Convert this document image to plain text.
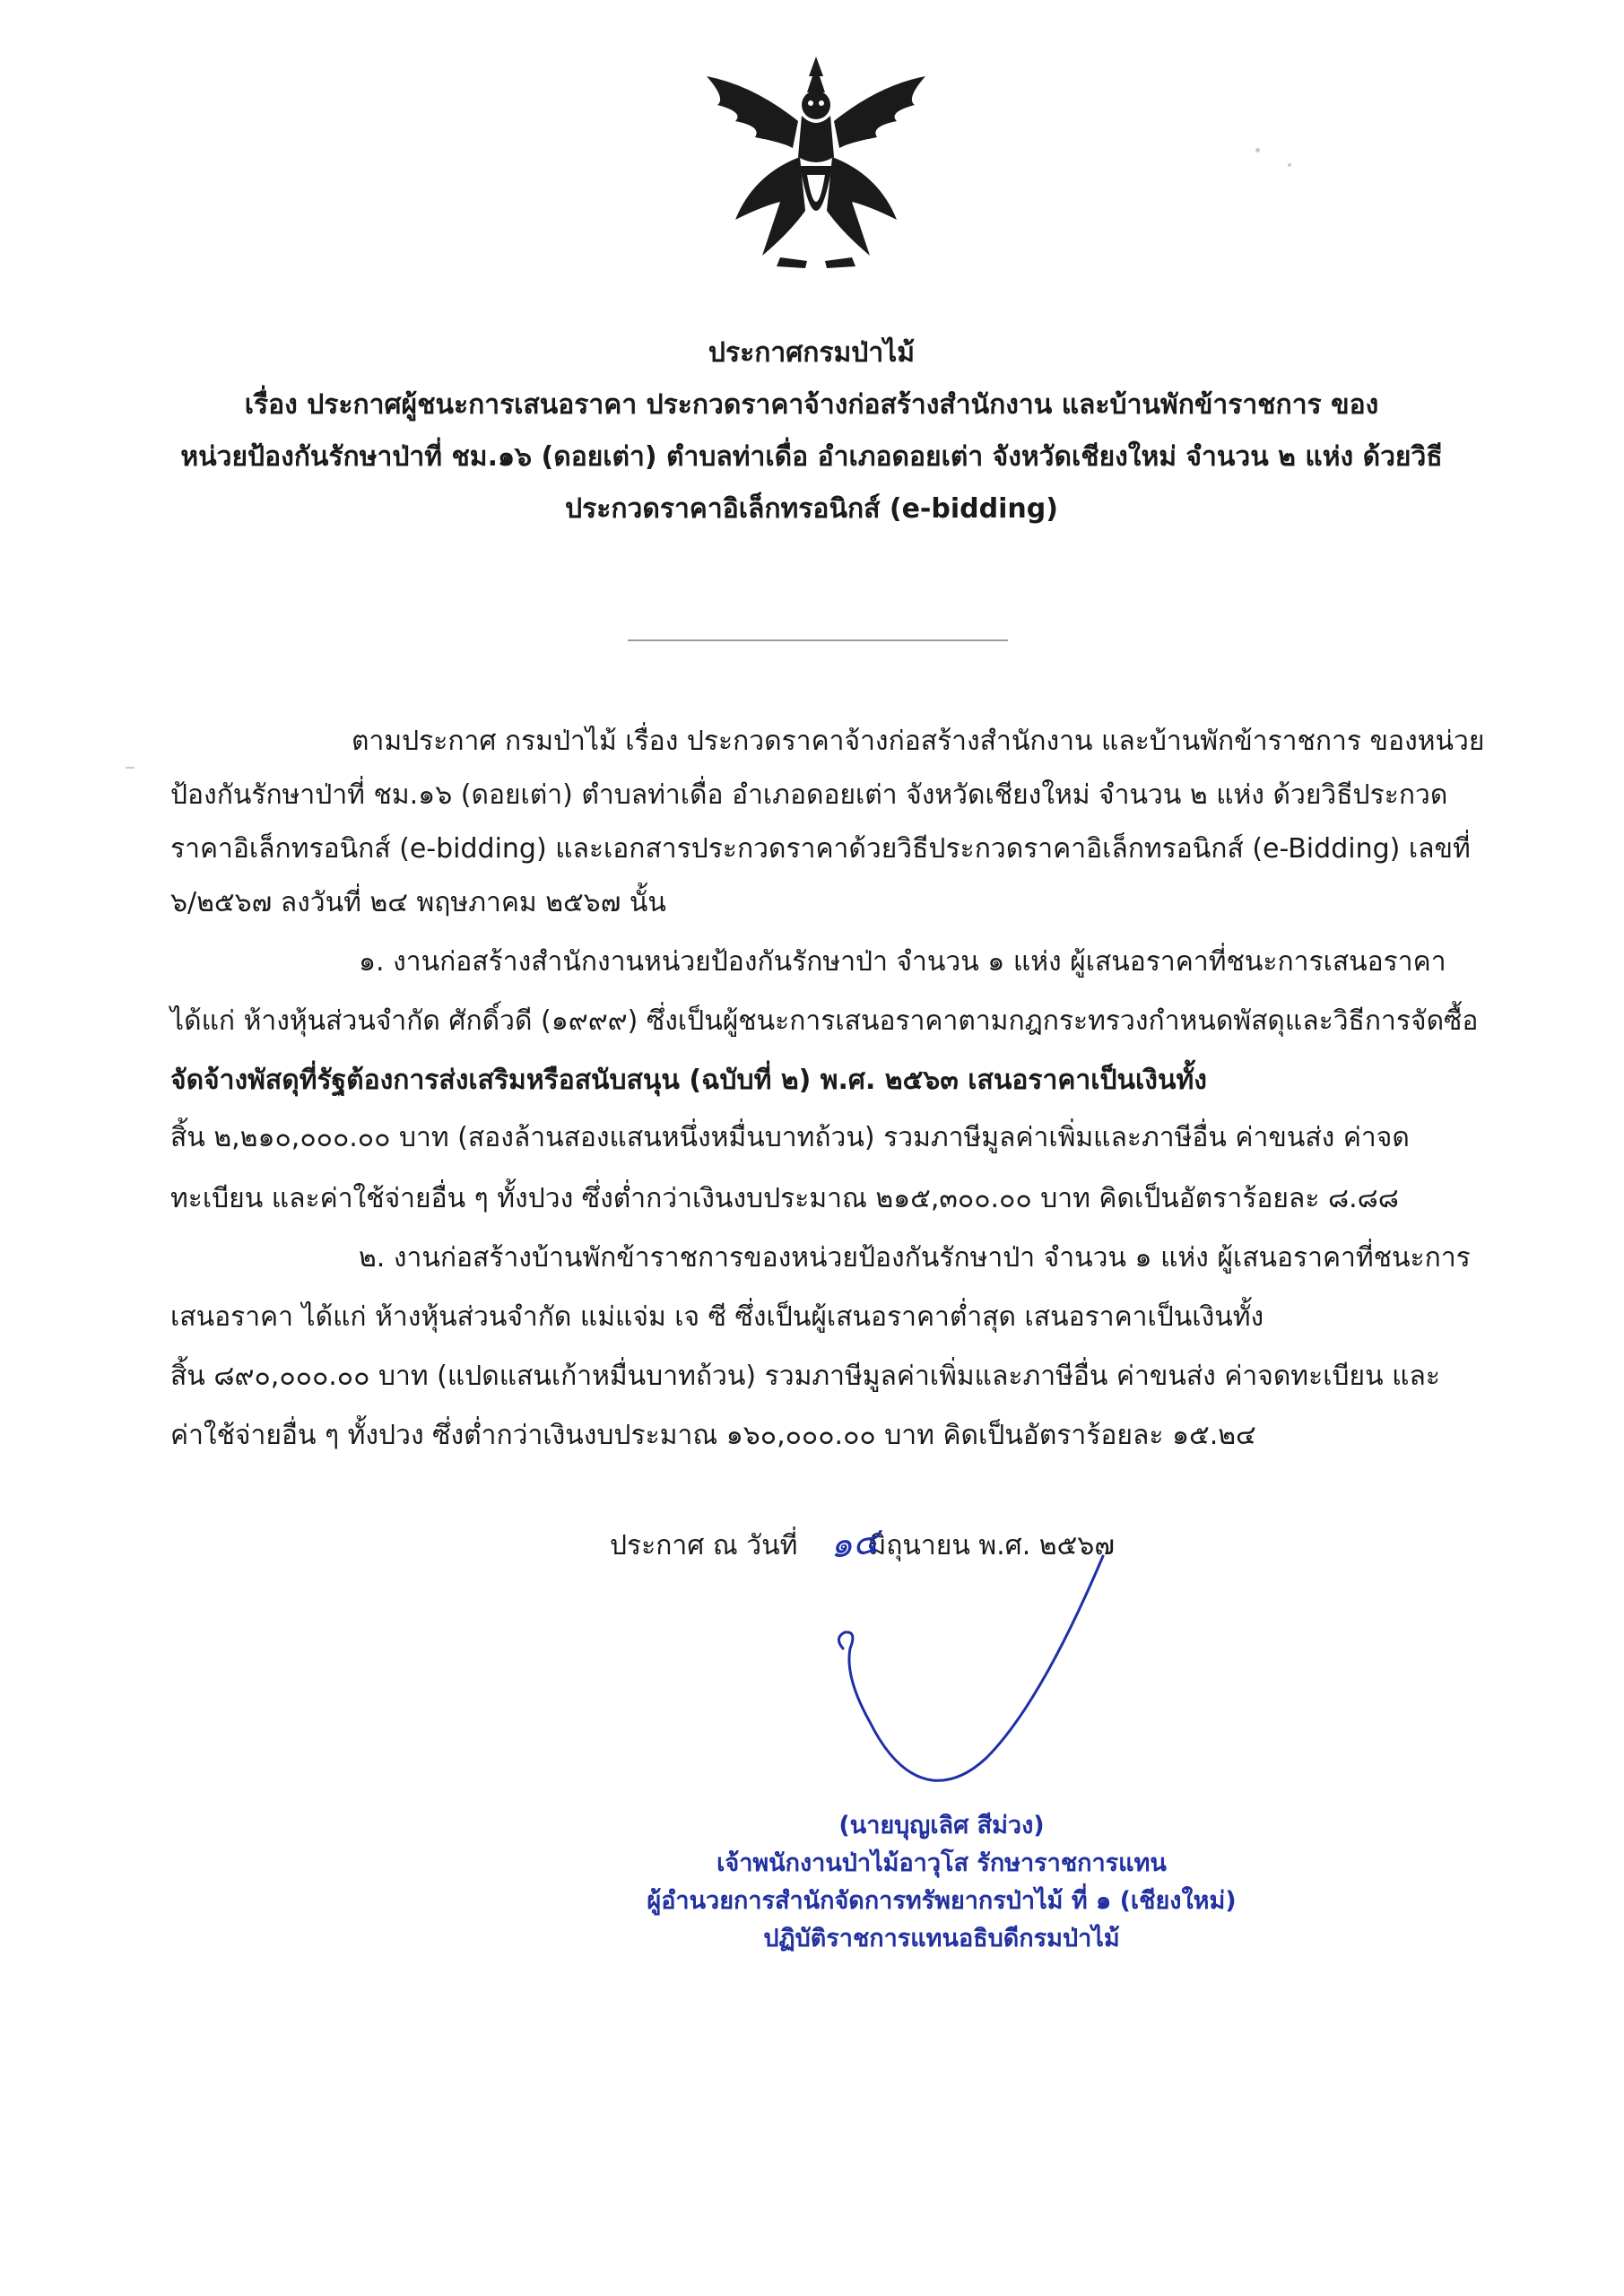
ประกาศกรมป่าไม้
เรื่อง ประกาศผู้ชนะการเสนอราคา ประกวดราคาจ้างก่อสร้างสำนักงาน และบ้านพักข้าราชการ ของ
หน่วยป้องกันรักษาป่าที่ ชม.๑๖ (ดอยเต่า) ตำบลท่าเดื่อ อำเภอดอยเต่า จังหวัดเชียงใหม่ จำนวน ๒ แห่ง ด้วยวิธี
ประกวดราคาอิเล็กทรอนิกส์ (e-bidding)
ตามประกาศ กรมป่าไม้ เรื่อง ประกวดราคาจ้างก่อสร้างสำนักงาน และบ้านพักข้าราชการ ของหน่วย
ป้องกันรักษาป่าที่ ชม.๑๖ (ดอยเต่า) ตำบลท่าเดื่อ อำเภอดอยเต่า จังหวัดเชียงใหม่ จำนวน ๒ แห่ง ด้วยวิธีประกวด
ราคาอิเล็กทรอนิกส์ (e-bidding) และเอกสารประกวดราคาด้วยวิธีประกวดราคาอิเล็กทรอนิกส์ (e-Bidding) เลขที่
๖/๒๕๖๗ ลงวันที่ ๒๔ พฤษภาคม ๒๕๖๗ นั้น
๑. งานก่อสร้างสำนักงานหน่วยป้องกันรักษาป่า จำนวน ๑ แห่ง ผู้เสนอราคาที่ชนะการเสนอราคา
ได้แก่ ห้างหุ้นส่วนจำกัด ศักดิ์วดี (๑๙๙๙) ซึ่งเป็นผู้ชนะการเสนอราคาตามกฎกระทรวงกำหนดพัสดุและวิธีการจัดซื้อ
จัดจ้างพัสดุที่รัฐต้องการส่งเสริมหรือสนับสนุน (ฉบับที่ ๒) พ.ศ. ๒๕๖๓ เสนอราคาเป็นเงินทั้ง
สิ้น ๒,๒๑๐,๐๐๐.๐๐ บาท (สองล้านสองแสนหนึ่งหมื่นบาทถ้วน) รวมภาษีมูลค่าเพิ่มและภาษีอื่น ค่าขนส่ง ค่าจด
ทะเบียน และค่าใช้จ่ายอื่น ๆ ทั้งปวง ซึ่งต่ำกว่าเงินงบประมาณ ๒๑๕,๓๐๐.๐๐ บาท คิดเป็นอัตราร้อยละ ๘.๘๘
๒. งานก่อสร้างบ้านพักข้าราชการของหน่วยป้องกันรักษาป่า จำนวน ๑ แห่ง ผู้เสนอราคาที่ชนะการ
เสนอราคา ได้แก่ ห้างหุ้นส่วนจำกัด แม่แจ่ม เจ ซี ซึ่งเป็นผู้เสนอราคาต่ำสุด เสนอราคาเป็นเงินทั้ง
สิ้น ๘๙๐,๐๐๐.๐๐ บาท (แปดแสนเก้าหมื่นบาทถ้วน) รวมภาษีมูลค่าเพิ่มและภาษีอื่น ค่าขนส่ง ค่าจดทะเบียน และ
ค่าใช้จ่ายอื่น ๆ ทั้งปวง ซึ่งต่ำกว่าเงินงบประมาณ ๑๖๐,๐๐๐.๐๐ บาท คิดเป็นอัตราร้อยละ ๑๕.๒๔
ประกาศ ณ วันที่	มิถุนายน พ.ศ. ๒๕๖๗
๑๔
(นายบุญเลิศ สีม่วง)
เจ้าพนักงานป่าไม้อาวุโส รักษาราชการแทน
ผู้อำนวยการสำนักจัดการทรัพยากรป่าไม้ ที่ ๑ (เชียงใหม่)
ปฏิบัติราชการแทนอธิบดีกรมป่าไม้
